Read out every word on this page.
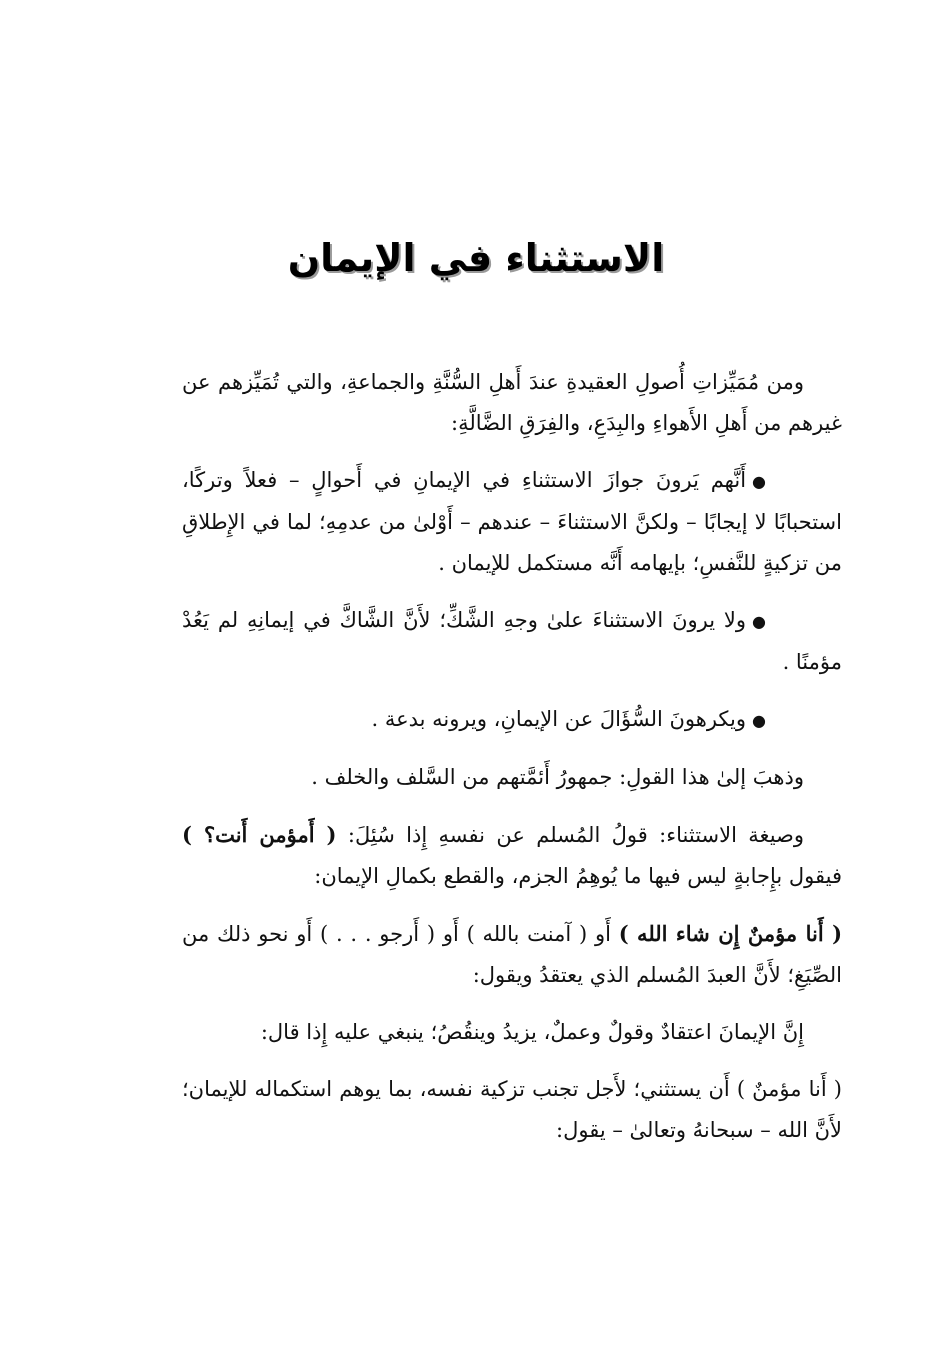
الاستثناء في الإيمان

ومن مُمَيِّزاتِ أُصولِ العقيدةِ عندَ أَهلِ السُّنَّةِ والجماعةِ، والتي تُمَيِّزهم عن غيرهم من أَهلِ الأَهواءِ والبِدَعِ، والفِرَقِ الضَّالَّةِ:

●أَنَّهم يَرونَ جوازَ الاستثناءِ في الإيمانِ في أَحوالٍ – فعلاً وتركًا، استحبابًا لا إيجابًا – ولكنَّ الاستثناءَ – عندهم – أَوْلىٰ من عدمِهِ؛ لما في الإِطلاقِ من تزكيةٍ للنَّفسِ؛ بإيهامه أَنَّه مستكمل للإيمان .

●ولا يرونَ الاستثناءَ علىٰ وجهِ الشَّكِّ؛ لأَنَّ الشَّاكَّ في إيمانِهِ لم يَعُدْ مؤمنًا .

●ويكرهونَ السُّؤَالَ عن الإيمانِ، ويرونه بدعة .

وذهبَ إلىٰ هذا القولِ: جمهورُ أَئمَّتهم من السَّلف والخلف .

وصيغة الاستثناء: قولُ المُسلم عن نفسهِ إِذا سُئِلَ: ( أَمؤمن أَنت؟ ) فيقول بإِجابةٍ ليس فيها ما يُوهِمُ الجزم، والقطع بكمالِ الإيمان:

( أَنا مؤمنٌ إِن شاء الله ) أَو ( آمنت بالله ) أَو ( أَرجو . . . ) أَو نحو ذلك من الصِّيَغِ؛ لأَنَّ العبدَ المُسلم الذي يعتقدُ ويقول:

إِنَّ الإيمانَ اعتقادٌ وقولٌ وعملٌ، يزيدُ وينقُصُ؛ ينبغي عليه إِذا قال:

( أَنا مؤمنٌ ) أَن يستثني؛ لأَجل تجنب تزكية نفسه، بما يوهم استكماله للإيمان؛ لأَنَّ الله – سبحانهُ وتعالىٰ – يقول:
